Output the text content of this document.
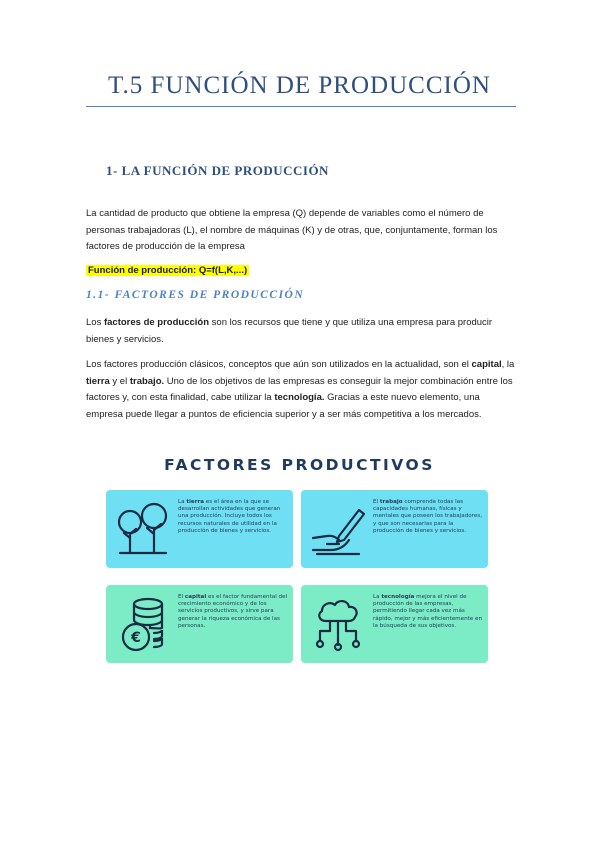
T.5 FUNCIÓN DE PRODUCCIÓN
1- LA FUNCIÓN DE PRODUCCIÓN
La cantidad de producto que obtiene la empresa (Q) depende de variables como el número de personas trabajadoras (L), el nombre de máquinas (K) y de otras, que, conjuntamente, forman los factores de producción de la empresa
Función de producción: Q=f(L,K,...)
1.1- FACTORES DE PRODUCCIÓN
Los factores de producción son los recursos que tiene y que utiliza una empresa para producir bienes y servicios.
Los factores producción clásicos, conceptos que aún son utilizados en la actualidad, son el capital, la tierra y el trabajo. Uno de los objetivos de las empresas es conseguir la mejor combinación entre los factores y, con esta finalidad, cabe utilizar la tecnología. Gracias a este nuevo elemento, una empresa puede llegar a puntos de eficiencia superior y a ser más competitiva a los mercados.
FACTORES PRODUCTIVOS
La tierra es el área en la que se desarrollan actividades que generan una producción. Incluye todos los recursos naturales de utilidad en la producción de bienes y servicios.
El trabajo comprende todas las capacidades humanas, físicas y mentales que poseen los trabajadores, y que son necesarias para la producción de bienes y servicios.
€
El capital es el factor fundamental del crecimiento económico y de los servicios productivos, y sirve para generar la riqueza económica de las personas.
La tecnología mejora el nivel de producción de las empresas, permitiendo llegar cada vez más rápido, mejor y más eficientemente en la búsqueda de sus objetivos.
